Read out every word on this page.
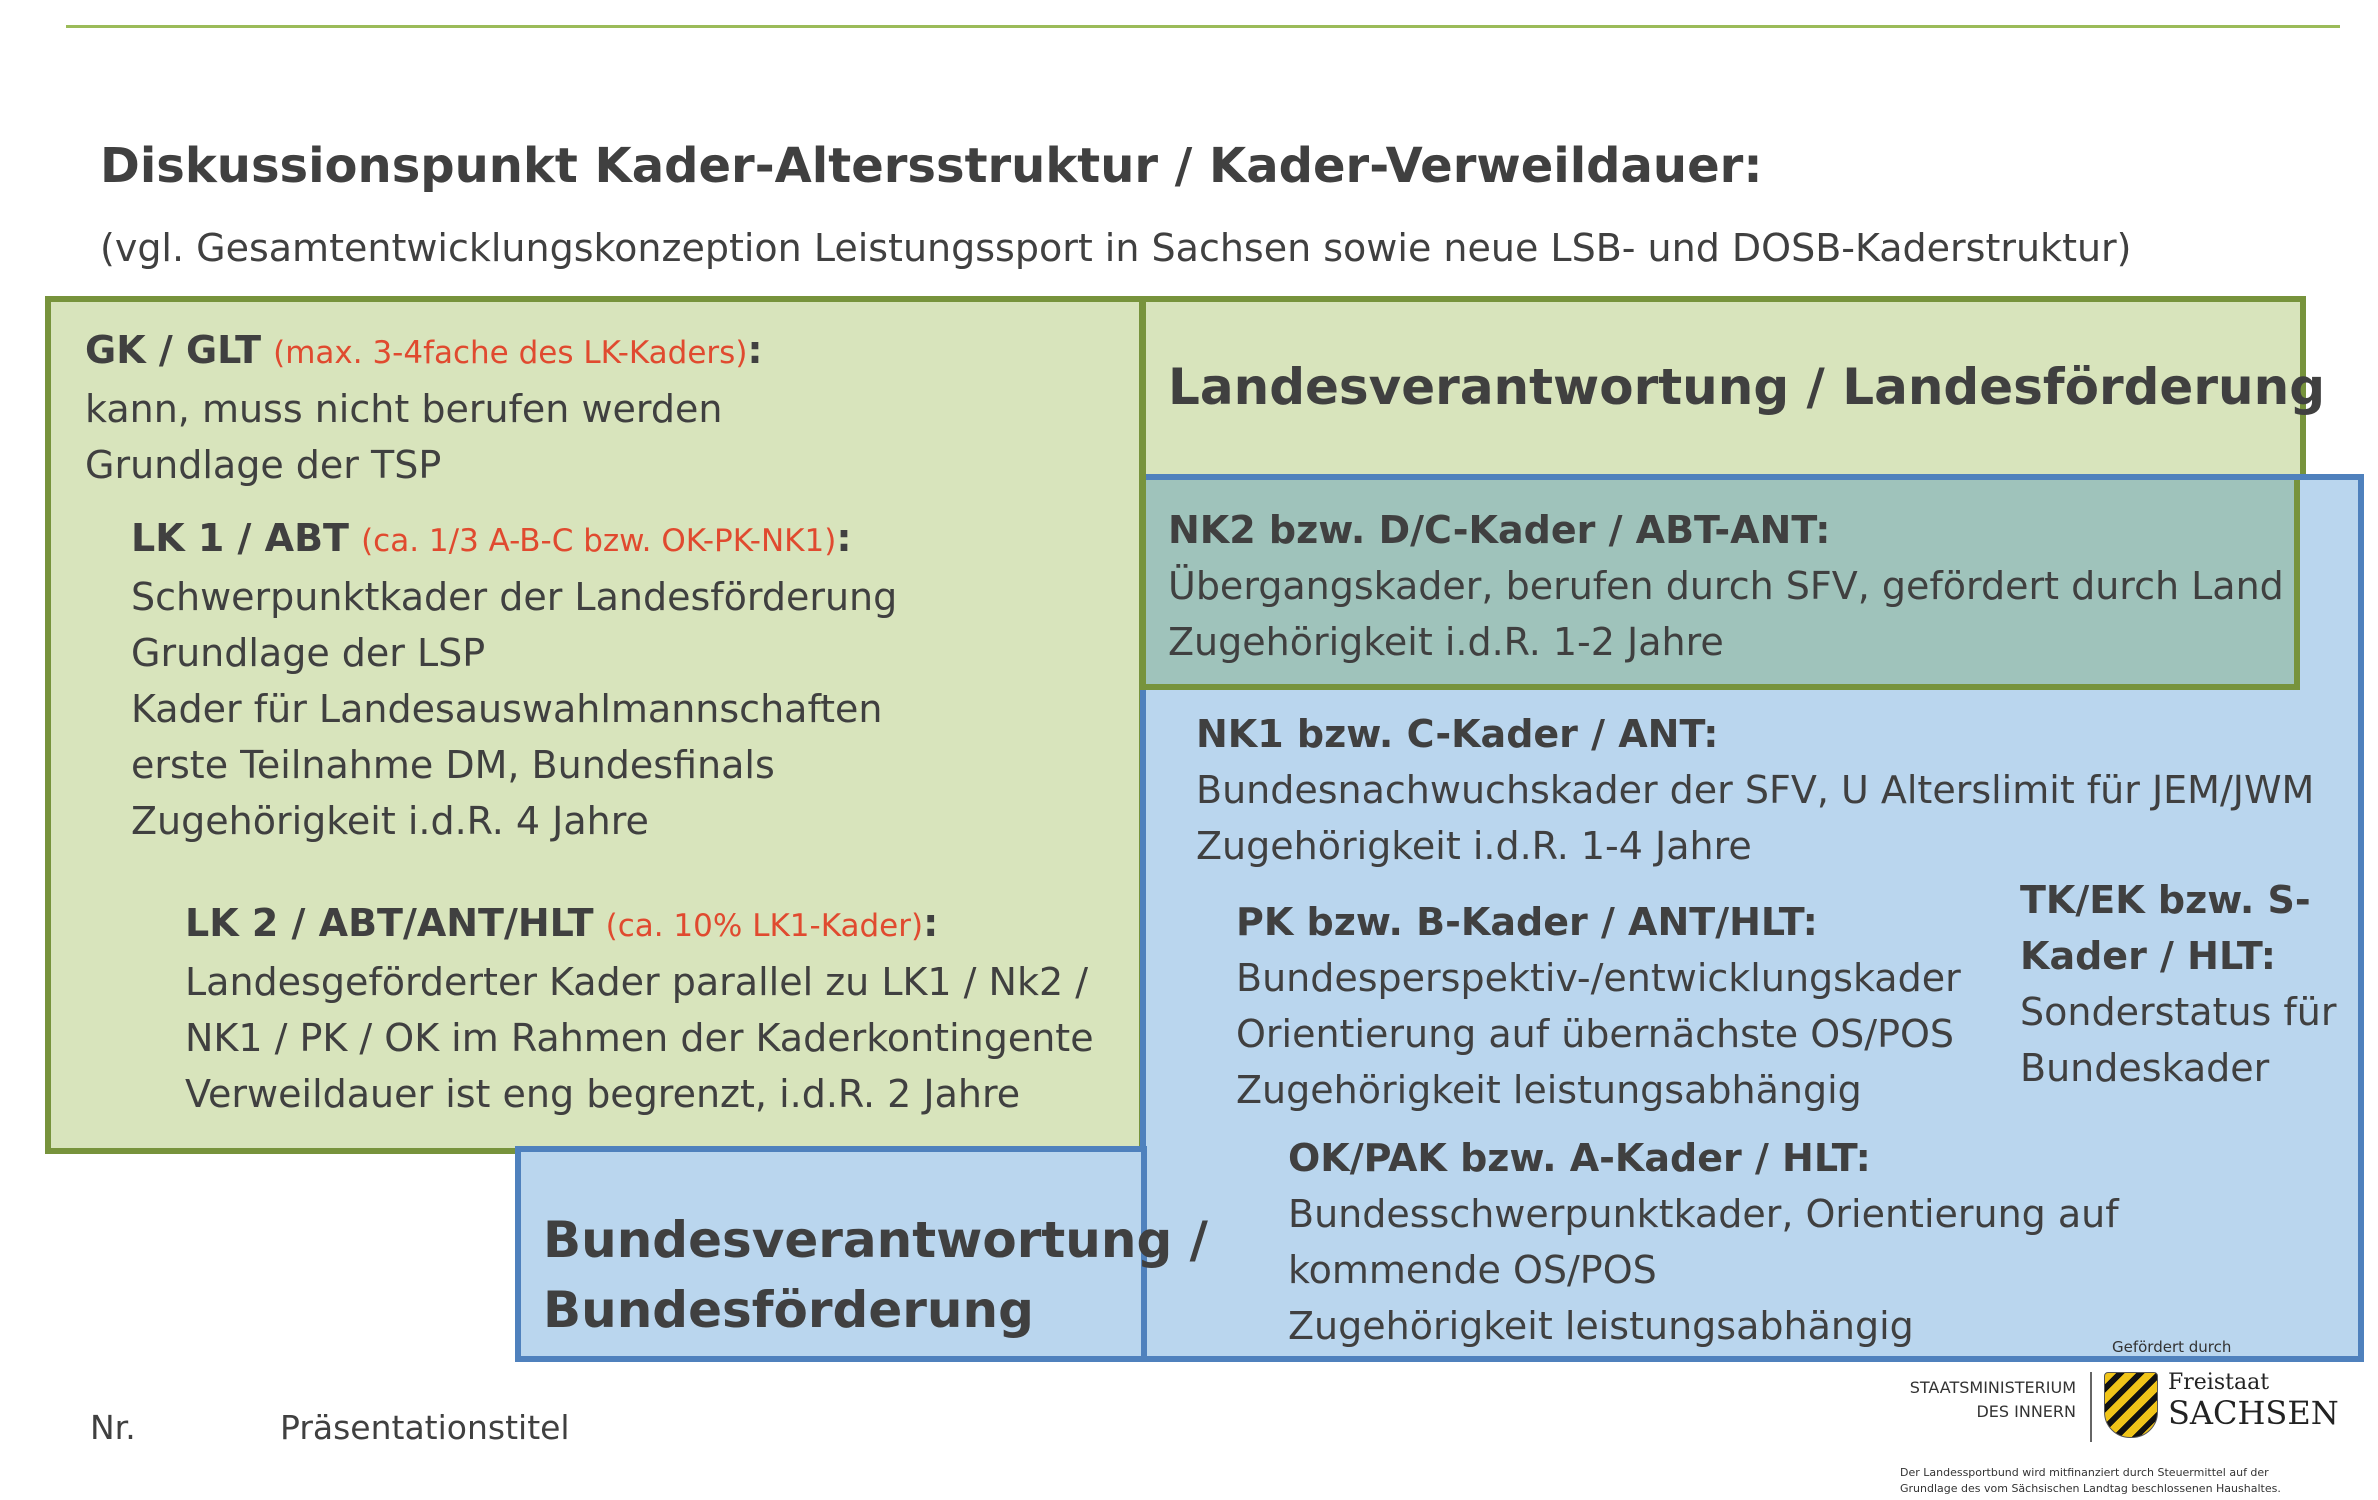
Diskussionspunkt Kader-Altersstruktur / Kader-Verweildauer:
(vgl. Gesamtentwicklungskonzeption Leistungssport in Sachsen sowie neue LSB- und DOSB-Kaderstruktur)
GK / GLT (max. 3-4fache des LK-Kaders):
kann, muss nicht berufen werden
Grundlage der TSP
LK 1 / ABT (ca. 1/3 A-B-C bzw. OK-PK-NK1):
Schwerpunktkader der Landesförderung
Grundlage der LSP
Kader für Landesauswahlmannschaften
erste Teilnahme DM, Bundesfinals
Zugehörigkeit i.d.R. 4 Jahre
LK 2 / ABT/ANT/HLT (ca. 10% LK1-Kader):
Landesgeförderter Kader parallel zu LK1 / Nk2 /
NK1 / PK / OK im Rahmen der Kaderkontingente
Verweildauer ist eng begrenzt, i.d.R. 2 Jahre
Landesverantwortung / Landesförderung
NK2 bzw. D/C-Kader / ABT-ANT:
Übergangskader, berufen durch SFV, gefördert durch Land
Zugehörigkeit i.d.R. 1-2 Jahre
NK1 bzw. C-Kader / ANT:
Bundesnachwuchskader der SFV, U Alterslimit für JEM/JWM
Zugehörigkeit i.d.R. 1-4 Jahre
PK bzw. B-Kader / ANT/HLT:
Bundesperspektiv-/entwicklungskader
Orientierung auf übernächste OS/POS
Zugehörigkeit leistungsabhängig
TK/EK bzw. S-
Kader / HLT:
Sonderstatus für
Bundeskader
OK/PAK bzw. A-Kader / HLT:
Bundesschwerpunktkader, Orientierung auf
kommende OS/POS
Zugehörigkeit leistungsabhängig
Bundesverantwortung /
Bundesförderung
Nr.	Präsentationstitel
Gefördert durch
STAATSMINISTERIUM
DES INNERN
Freistaat
SACHSEN
Der Landessportbund wird mitfinanziert durch Steuermittel auf der
Grundlage des vom Sächsischen Landtag beschlossenen Haushaltes.
